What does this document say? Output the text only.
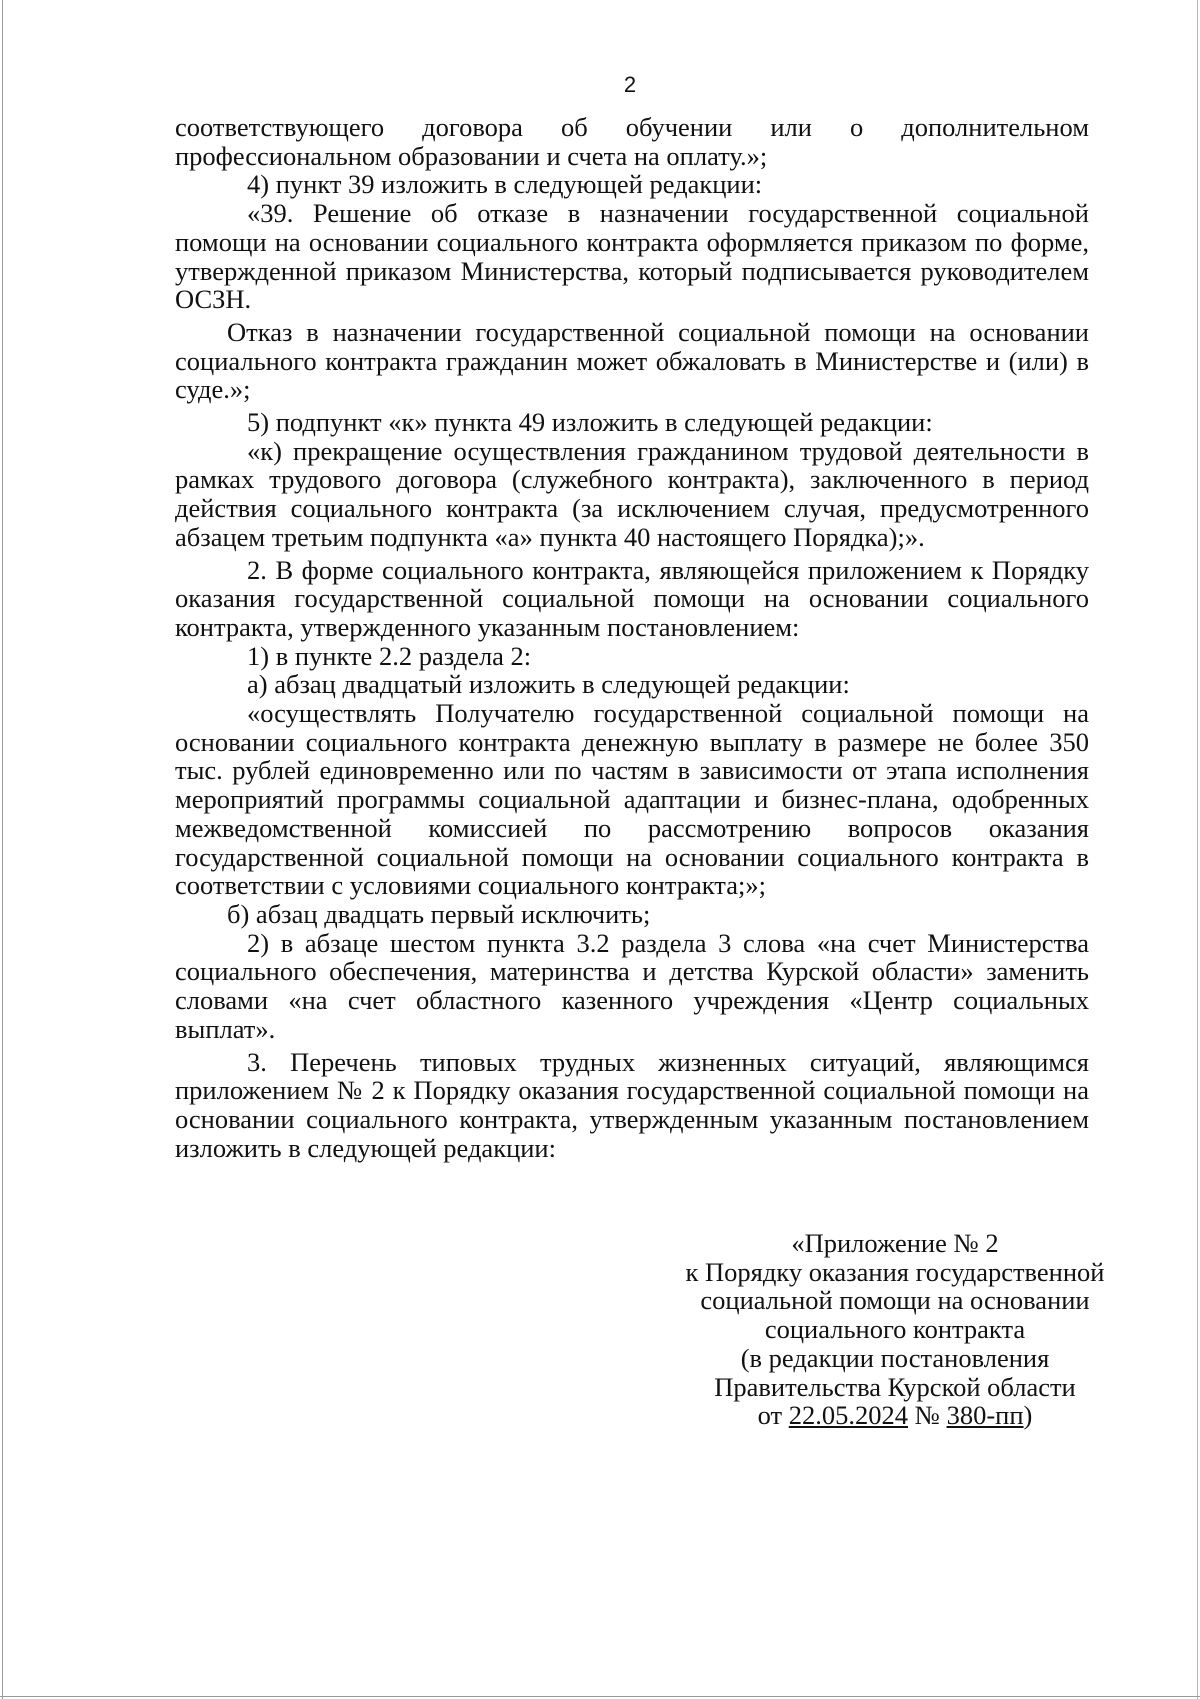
2

соответствующего договора об обучении или о дополнительном профессиональном образовании и счета на оплату.»;

4) пункт 39 изложить в следующей редакции:

«39. Решение об отказе в назначении государственной социальной помощи на основании социального контракта оформляется приказом по форме, утвержденной приказом Министерства, который подписывается руководителем ОСЗН.

Отказ в назначении государственной социальной помощи на основании социального контракта гражданин может обжаловать в Министерстве и (или) в суде.»;

5) подпункт «к» пункта 49 изложить в следующей редакции:

«к) прекращение осуществления гражданином трудовой деятельности в рамках трудового договора (служебного контракта), заключенного в период действия социального контракта (за исключением случая, предусмотренного абзацем третьим подпункта «а» пункта 40 настоящего Порядка);».

2. В форме социального контракта, являющейся приложением к Порядку оказания государственной социальной помощи на основании социального контракта, утвержденного указанным постановлением:

1) в пункте 2.2 раздела 2:

а) абзац двадцатый изложить в следующей редакции:

«осуществлять Получателю государственной социальной помощи на основании социального контракта денежную выплату в размере не более 350 тыс. рублей единовременно или по частям в зависимости от этапа исполнения мероприятий программы социальной адаптации и бизнес-плана, одобренных межведомственной комиссией по рассмотрению вопросов оказания государственной социальной помощи на основании социального контракта в соответствии с условиями социального контракта;»;

б) абзац двадцать первый исключить;

2) в абзаце шестом пункта 3.2 раздела 3 слова «на счет Министерства социального обеспечения, материнства и детства Курской области» заменить словами «на счет областного казенного учреждения «Центр социальных выплат».

3. Перечень типовых трудных жизненных ситуаций, являющимся приложением № 2 к Порядку оказания государственной социальной помощи на основании социального контракта, утвержденным указанным постановлением изложить в следующей редакции:

«Приложение № 2

к Порядку оказания государственной

социальной помощи на основании

социального контракта

(в редакции постановления

Правительства Курской области

от 22.05.2024 № 380-пп)
